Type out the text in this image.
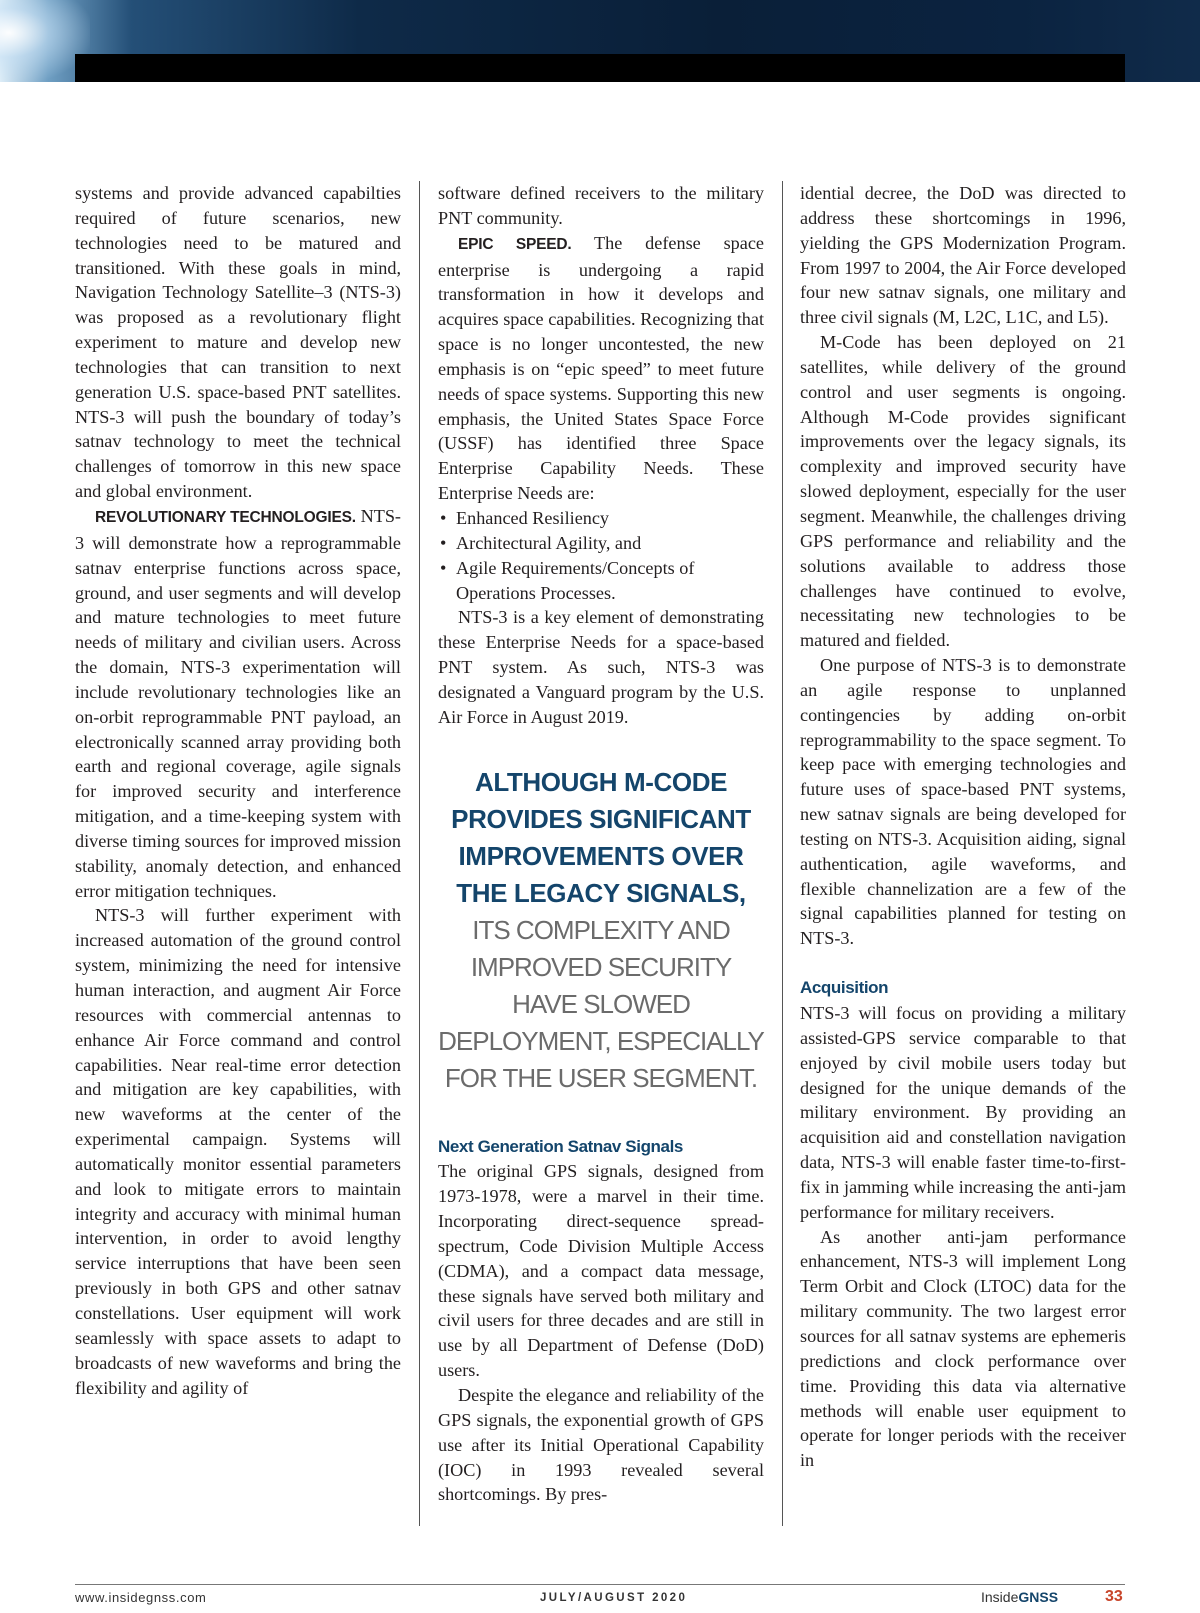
systems and provide advanced capabilties required of future scenarios, new technologies need to be matured and transitioned. With these goals in mind, Navigation Technology Satellite–3 (NTS-3) was proposed as a revolutionary flight experiment to mature and develop new technologies that can transition to next generation U.S. space-based PNT satellites. NTS-3 will push the boundary of today’s satnav technology to meet the technical challenges of tomorrow in this new space and global environment.

REVOLUTIONARY TECHNOLOGIES. NTS-3 will demonstrate how a reprogrammable satnav enterprise functions across space, ground, and user segments and will develop and mature technologies to meet future needs of military and civilian users. Across the domain, NTS-3 experimentation will include revolutionary technologies like an on-orbit reprogrammable PNT payload, an electronically scanned array providing both earth and regional coverage, agile signals for improved security and interference mitigation, and a time-keeping system with diverse timing sources for improved mission stability, anomaly detection, and enhanced error mitigation techniques.

NTS-3 will further experiment with increased automation of the ground control system, minimizing the need for intensive human interaction, and augment Air Force resources with commercial antennas to enhance Air Force command and control capabilities. Near real-time error detection and mitigation are key capabilities, with new waveforms at the center of the experimental campaign. Systems will automatically monitor essential parameters and look to mitigate errors to maintain integrity and accuracy with minimal human intervention, in order to avoid lengthy service interruptions that have been seen previously in both GPS and other satnav constellations. User equipment will work seamlessly with space assets to adapt to broadcasts of new waveforms and bring the flexibility and agility of

software defined receivers to the military PNT community.

EPIC SPEED. The defense space enterprise is undergoing a rapid transformation in how it develops and acquires space capabilities. Recognizing that space is no longer uncontested, the new emphasis is on “epic speed” to meet future needs of space systems. Supporting this new emphasis, the United States Space Force (USSF) has identified three Space Enterprise Capability Needs. These Enterprise Needs are:

• Enhanced Resiliency
• Architectural Agility, and
• Agile Requirements/Concepts of Operations Processes.

NTS-3 is a key element of demonstrating these Enterprise Needs for a space-based PNT system. As such, NTS-3 was designated a Vanguard program by the U.S. Air Force in August 2019.

ALTHOUGH M-CODE PROVIDES SIGNIFICANT IMPROVEMENTS OVER THE LEGACY SIGNALS,
ITS COMPLEXITY AND IMPROVED SECURITY HAVE SLOWED DEPLOYMENT, ESPECIALLY FOR THE USER SEGMENT.
Next Generation Satnav Signals

The original GPS signals, designed from 1973-1978, were a marvel in their time. Incorporating direct-sequence spread-spectrum, Code Division Multiple Access (CDMA), and a compact data message, these signals have served both military and civil users for three decades and are still in use by all Department of Defense (DoD) users.

Despite the elegance and reliability of the GPS signals, the exponential growth of GPS use after its Initial Operational Capability (IOC) in 1993 revealed several shortcomings. By pres-

idential decree, the DoD was directed to address these shortcomings in 1996, yielding the GPS Modernization Program. From 1997 to 2004, the Air Force developed four new satnav signals, one military and three civil signals (M, L2C, L1C, and L5).

M-Code has been deployed on 21 satellites, while delivery of the ground control and user segments is ongoing. Although M-Code provides significant improvements over the legacy signals, its complexity and improved security have slowed deployment, especially for the user segment. Meanwhile, the challenges driving GPS performance and reliability and the solutions available to address those challenges have continued to evolve, necessitating new technologies to be matured and fielded.

One purpose of NTS-3 is to demonstrate an agile response to unplanned contingencies by adding on-orbit reprogrammability to the space segment. To keep pace with emerging technologies and future uses of space-based PNT systems, new satnav signals are being developed for testing on NTS-3. Acquisition aiding, signal authentication, agile waveforms, and flexible channelization are a few of the signal capabilities planned for testing on NTS-3.

Acquisition

NTS-3 will focus on providing a military assisted-GPS service comparable to that enjoyed by civil mobile users today but designed for the unique demands of the military environment. By providing an acquisition aid and constellation navigation data, NTS-3 will enable faster time-to-first-fix in jamming while increasing the anti-jam performance for military receivers.

As another anti-jam performance enhancement, NTS-3 will implement Long Term Orbit and Clock (LTOC) data for the military community. The two largest error sources for all satnav systems are ephemeris predictions and clock performance over time. Providing this data via alternative methods will enable user equipment to operate for longer periods with the receiver in

www.insidegnss.com	JULY/AUGUST 2020	InsideGNSS	33
